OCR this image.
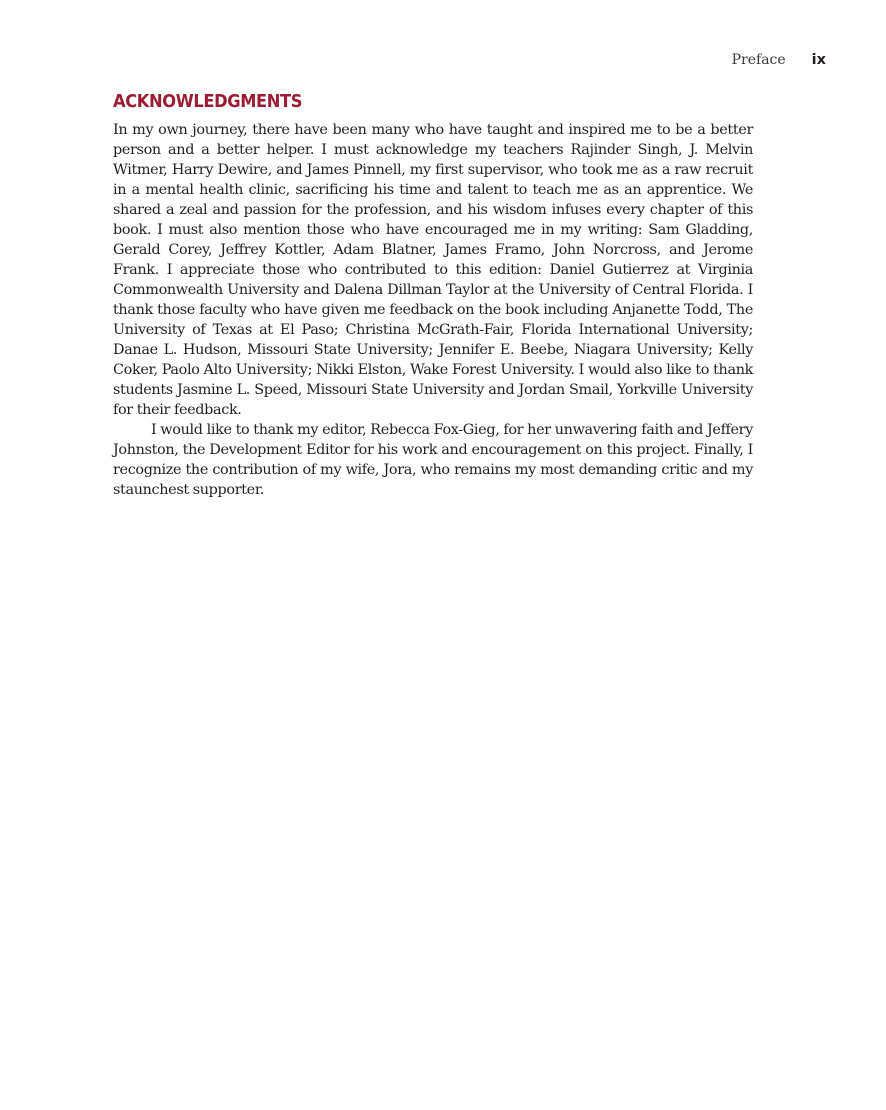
Preface ix
ACKNOWLEDGMENTS

In my own journey, there have been many who have taught and inspired me to be a better person and a better helper. I must acknowledge my teachers Rajinder Singh, J. Melvin Witmer, Harry Dewire, and James Pinnell, my first supervisor, who took me as a raw recruit in a mental health clinic, sacrificing his time and talent to teach me as an apprentice. We shared a zeal and passion for the profession, and his wisdom infuses every chapter of this book. I must also mention those who have encouraged me in my writing: Sam Gladding, Gerald Corey, Jeffrey Kottler, Adam Blatner, James Framo, John Norcross, and Jerome Frank. I appreciate those who contributed to this edition: Daniel Gutierrez at Virginia Commonwealth University and Dalena Dillman Taylor at the University of Central Florida. I thank those faculty who have given me feedback on the book including Anjanette Todd, The University of Texas at El Paso; Christina McGrath-Fair, Florida International University; Danae L. Hudson, Missouri State University; Jennifer E. Beebe, Niagara University; Kelly Coker, Paolo Alto University; Nikki Elston, Wake Forest University. I would also like to thank students Jasmine L. Speed, Missouri State University and Jordan Smail, Yorkville University for their feedback.

I would like to thank my editor, Rebecca Fox-Gieg, for her unwavering faith and Jeffery Johnston, the Development Editor for his work and encouragement on this project. Finally, I recognize the contribution of my wife, Jora, who remains my most demanding critic and my staunchest supporter.
